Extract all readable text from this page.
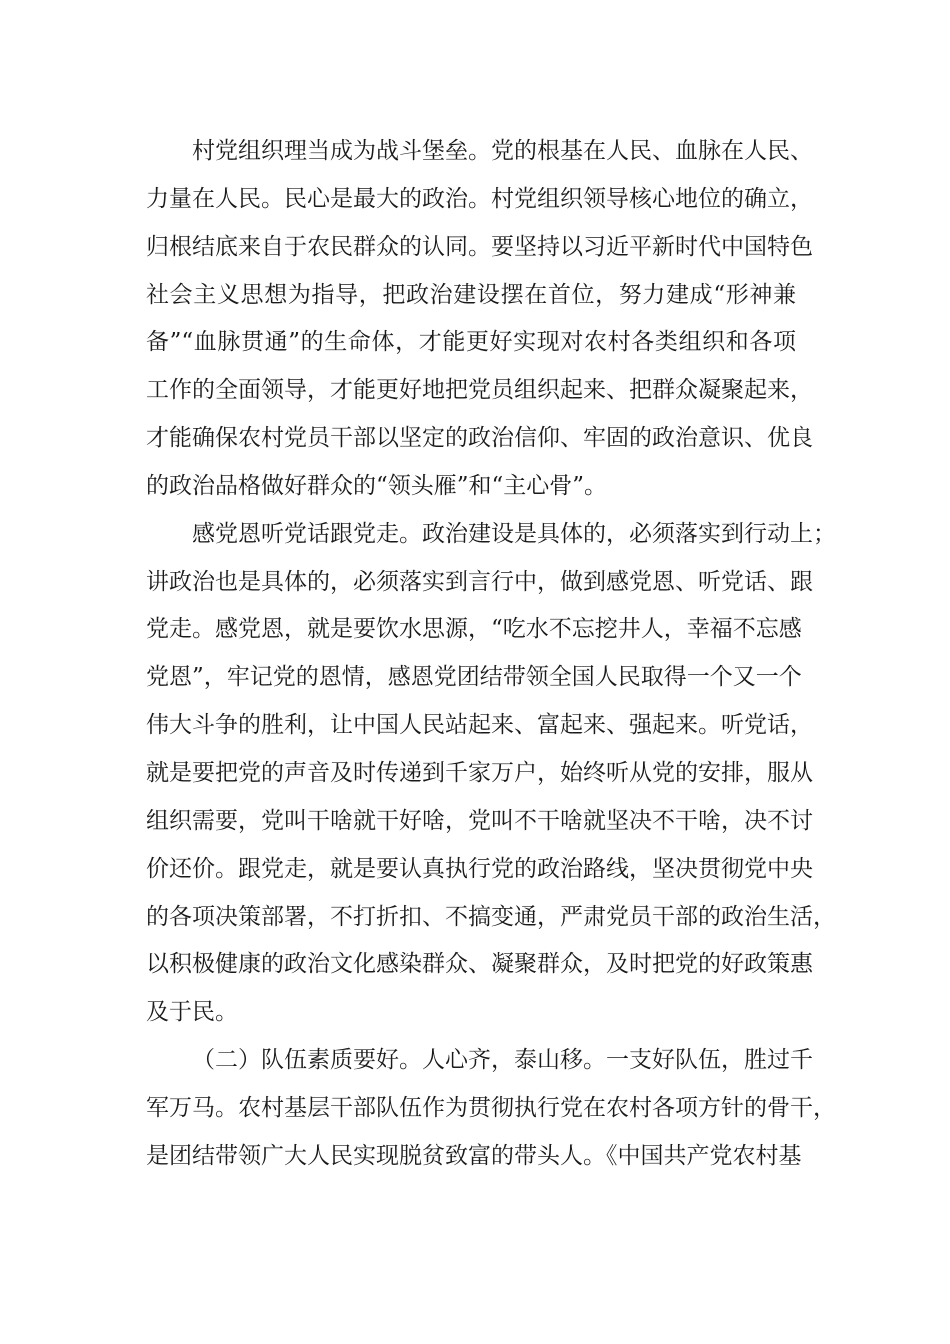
村党组织理当成为战斗堡垒。党的根基在人民、血脉在人民、
力量在人民。民心是最大的政治。村党组织领导核心地位的确立，
归根结底来自于农民群众的认同。要坚持以习近平新时代中国特色
社会主义思想为指导，把政治建设摆在首位，努力建成“形神兼
备”“血脉贯通”的生命体，才能更好实现对农村各类组织和各项
工作的全面领导，才能更好地把党员组织起来、把群众凝聚起来，
才能确保农村党员干部以坚定的政治信仰、牢固的政治意识、优良
的政治品格做好群众的“领头雁”和“主心骨”。
感党恩听党话跟党走。政治建设是具体的，必须落实到行动上；
讲政治也是具体的，必须落实到言行中，做到感党恩、听党话、跟
党走。感党恩，就是要饮水思源，“吃水不忘挖井人，幸福不忘感
党恩”，牢记党的恩情，感恩党团结带领全国人民取得一个又一个
伟大斗争的胜利，让中国人民站起来、富起来、强起来。听党话，
就是要把党的声音及时传递到千家万户，始终听从党的安排，服从
组织需要，党叫干啥就干好啥，党叫不干啥就坚决不干啥，决不讨
价还价。跟党走，就是要认真执行党的政治路线，坚决贯彻党中央
的各项决策部署，不打折扣、不搞变通，严肃党员干部的政治生活，
以积极健康的政治文化感染群众、凝聚群众，及时把党的好政策惠
及于民。
（二）队伍素质要好。人心齐，泰山移。一支好队伍，胜过千
军万马。农村基层干部队伍作为贯彻执行党在农村各项方针的骨干，
是团结带领广大人民实现脱贫致富的带头人。《中国共产党农村基
